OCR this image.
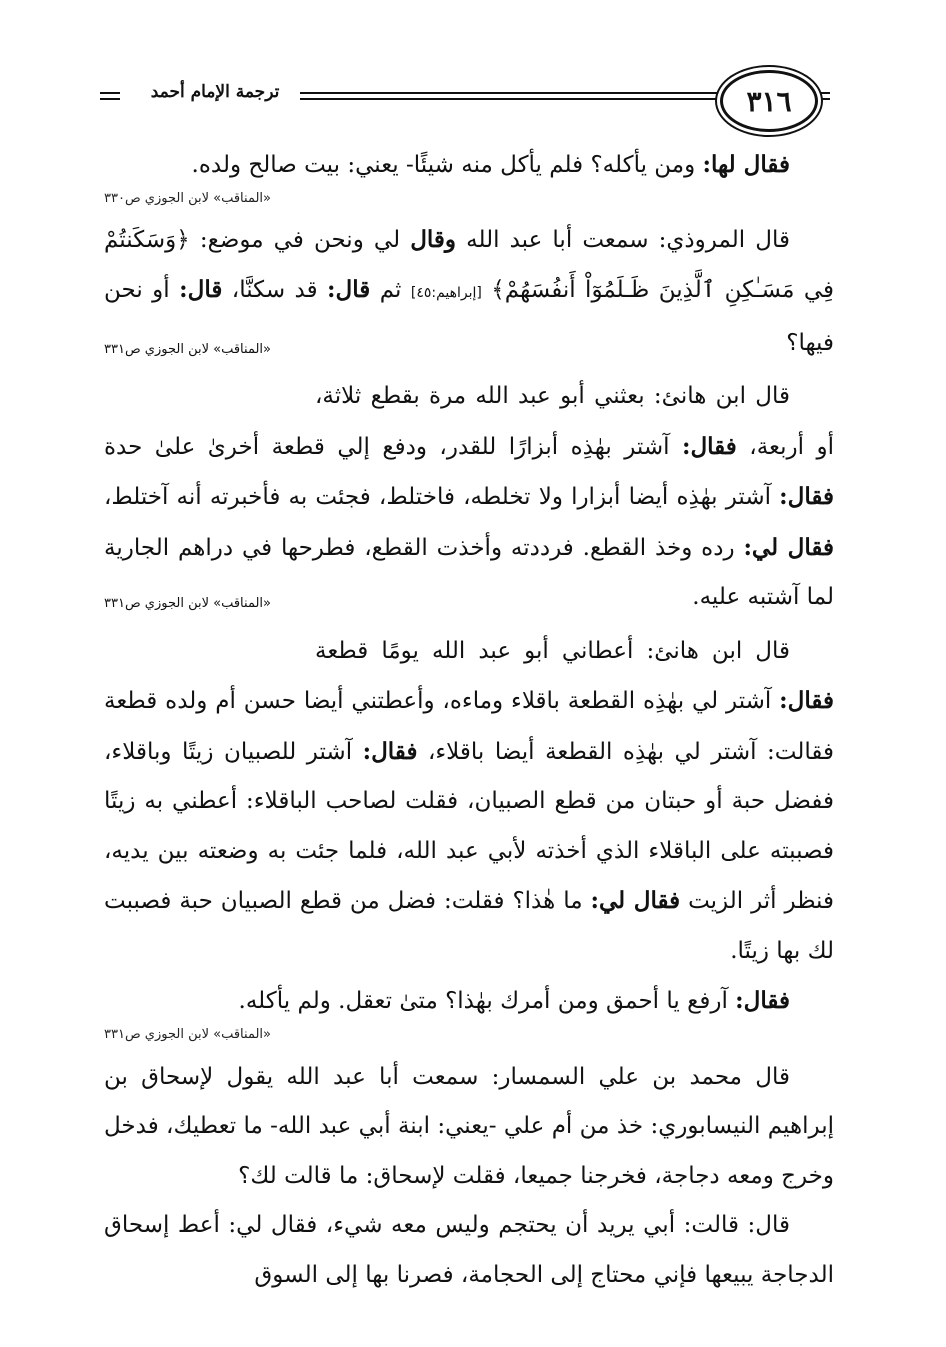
٣١٦
ترجمة الإمام أحمد

فقال لها: ومن يأكله؟ فلم يأكل منه شيئًا- يعني: بيت صالح ولده.

«المناقب» لابن الجوزي ص٣٣٠

قال المروذي: سمعت أبا عبد الله وقال لي ونحن في موضع: ﴿وَسَكَنتُمْ فِي مَسَـٰكِنِ ٱلَّذِينَ ظَـلَمُوٓاْ أَنفُسَهُمْ﴾ [إبراهيم:٤٥] ثم قال: قد سكنَّا، قال: أو نحن فيها؟
«المناقب» لابن الجوزي ص٣٣١

قال ابن هانئ: بعثني أبو عبد الله مرة بقطع ثلاثة، أو أربعة، فقال: آشتر بهٰذِه أبزارًا للقدر، ودفع إلي قطعة أخرىٰ علىٰ حدة فقال: آشتر بهٰذِه أيضا أبزارا ولا تخلطه، فاختلط، فجئت به فأخبرته أنه آختلط، فقال لي: رده وخذ القطع. فرددته وأخذت القطع، فطرحها في دراهم الجارية لما آشتبه عليه.
«المناقب» لابن الجوزي ص٣٣١

قال ابن هانئ: أعطاني أبو عبد الله يومًا قطعة فقال: آشتر لي بهٰذِه القطعة باقلاء وماءه، وأعطتني أيضا حسن أم ولده قطعة فقالت: آشتر لي بهٰذِه القطعة أيضا باقلاء، فقال: آشتر للصبيان زيتًا وباقلاء، ففضل حبة أو حبتان من قطع الصبيان، فقلت لصاحب الباقلاء: أعطني به زيتًا فصببته على الباقلاء الذي أخذته لأبي عبد الله، فلما جئت به وضعته بين يديه، فنظر أثر الزيت فقال لي: ما هٰذا؟ فقلت: فضل من قطع الصبيان حبة فصببت لك بها زيتًا.

فقال: آرفع يا أحمق ومن أمرك بهٰذا؟ متىٰ تعقل. ولم يأكله.

«المناقب» لابن الجوزي ص٣٣١

قال محمد بن علي السمسار: سمعت أبا عبد الله يقول لإسحاق بن إبراهيم النيسابوري: خذ من أم علي -يعني: ابنة أبي عبد الله- ما تعطيك، فدخل وخرج ومعه دجاجة، فخرجنا جميعا، فقلت لإسحاق: ما قالت لك؟

قال: قالت: أبي يريد أن يحتجم وليس معه شيء، فقال لي: أعط إسحاق الدجاجة يبيعها فإني محتاج إلى الحجامة، فصرنا بها إلى السوق
